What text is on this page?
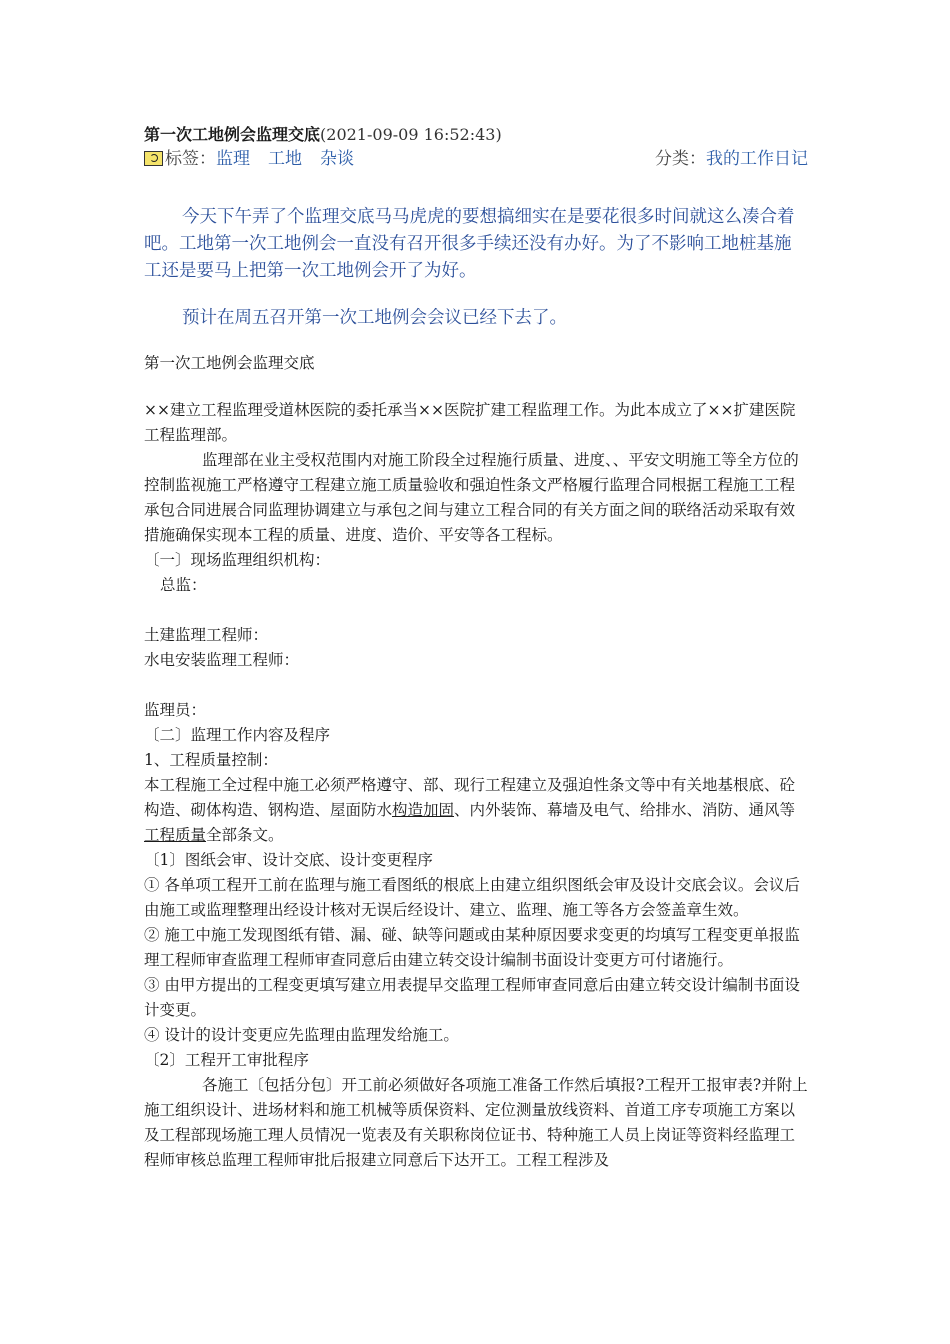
第一次工地例会监理交底(2021-09-09 16:52:43)
标签：监理 工地 杂谈	分类：我的工作日记

今天下午弄了个监理交底马马虎虎的要想搞细实在是要花很多时间就这么凑合着吧。工地第一次工地例会一直没有召开很多手续还没有办好。为了不影响工地桩基施工还是要马上把第一次工地例会开了为好。

预计在周五召开第一次工地例会会议已经下去了。

第一次工地例会监理交底

××建立工程监理受道林医院的委托承当××医院扩建工程监理工作。为此本成立了××扩建医院工程监理部。

监理部在业主受权范围内对施工阶段全过程施行质量、进度、、平安文明施工等全方位的控制监视施工严格遵守工程建立施工质量验收和强迫性条文严格履行监理合同根据工程施工工程承包合同进展合同监理协调建立与承包之间与建立工程合同的有关方面之间的联络活动采取有效措施确保实现本工程的质量、进度、造价、平安等各工程标。

〔一〕现场监理组织机构：

总监：

土建监理工程师：

水电安装监理工程师：

监理员：

〔二〕监理工作内容及程序

1、工程质量控制：

本工程施工全过程中施工必须严格遵守、部、现行工程建立及强迫性条文等中有关地基根底、砼构造、砌体构造、钢构造、屋面防水构造加固、内外装饰、幕墙及电气、给排水、消防、通风等工程质量全部条文。

〔1〕图纸会审、设计交底、设计变更程序

① 各单项工程开工前在监理与施工看图纸的根底上由建立组织图纸会审及设计交底会议。会议后由施工或监理整理出经设计核对无误后经设计、建立、监理、施工等各方会签盖章生效。

② 施工中施工发现图纸有错、漏、碰、缺等问题或由某种原因要求变更的均填写工程变更单报监理工程师审查监理工程师审查同意后由建立转交设计编制书面设计变更方可付诸施行。

③ 由甲方提出的工程变更填写建立用表提早交监理工程师审查同意后由建立转交设计编制书面设计变更。

④ 设计的设计变更应先监理由监理发给施工。

〔2〕工程开工审批程序

各施工〔包括分包〕开工前必须做好各项施工准备工作然后填报?工程开工报审表?并附上施工组织设计、进场材料和施工机械等质保资料、定位测量放线资料、首道工序专项施工方案以及工程部现场施工理人员情况一览表及有关职称岗位证书、特种施工人员上岗证等资料经监理工程师审核总监理工程师审批后报建立同意后下达开工。工程工程涉及
